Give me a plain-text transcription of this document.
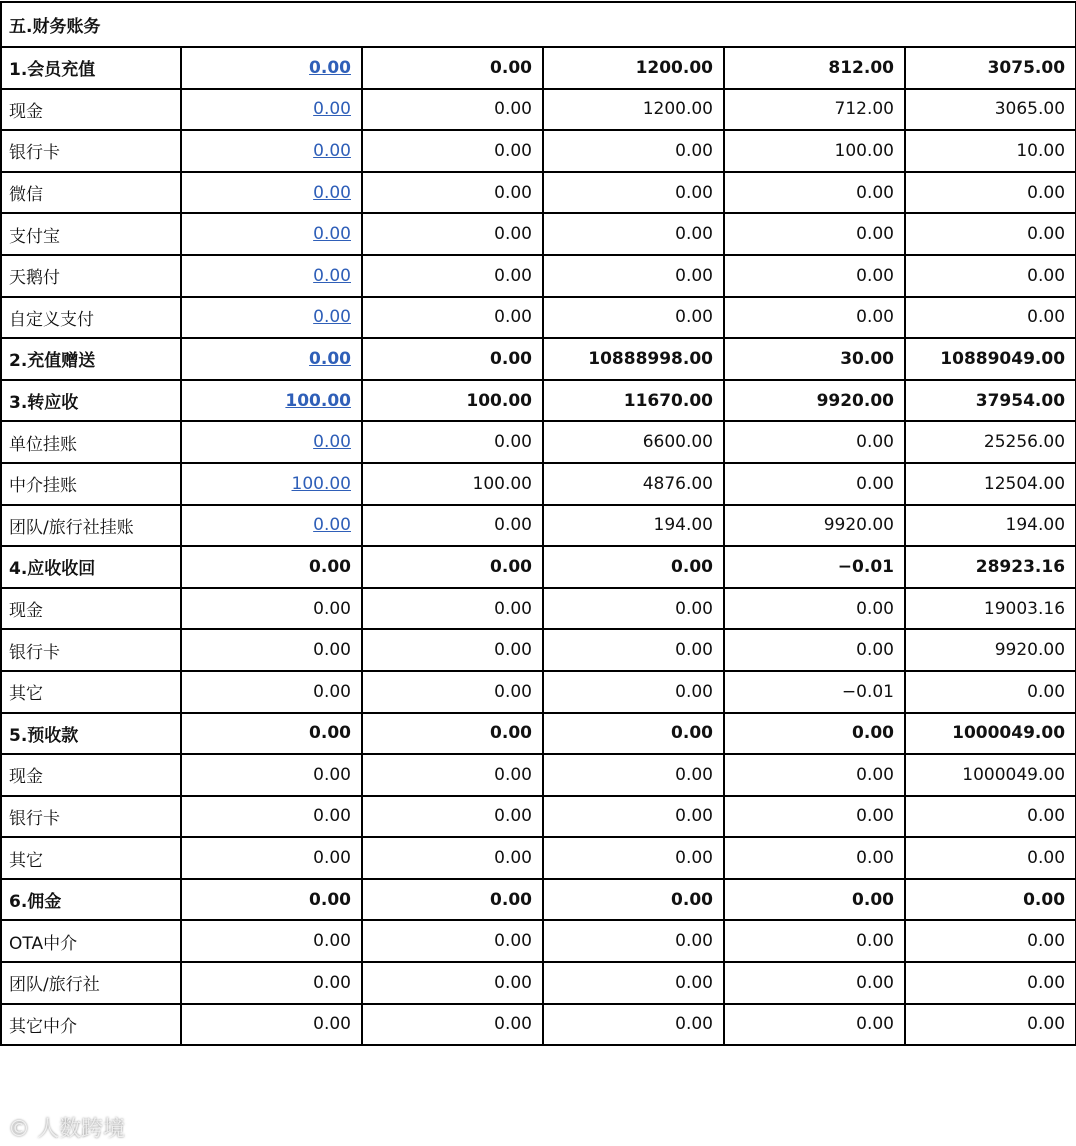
五.财务账务					
1.会员充值	0.00	0.00	1200.00	812.00	3075.00
现金	0.00	0.00	1200.00	712.00	3065.00
银行卡	0.00	0.00	0.00	100.00	10.00
微信	0.00	0.00	0.00	0.00	0.00
支付宝	0.00	0.00	0.00	0.00	0.00
天鹅付	0.00	0.00	0.00	0.00	0.00
自定义支付	0.00	0.00	0.00	0.00	0.00
2.充值赠送	0.00	0.00	10888998.00	30.00	10889049.00
3.转应收	100.00	100.00	11670.00	9920.00	37954.00
单位挂账	0.00	0.00	6600.00	0.00	25256.00
中介挂账	100.00	100.00	4876.00	0.00	12504.00
团队/旅行社挂账	0.00	0.00	194.00	9920.00	194.00
4.应收收回	0.00	0.00	0.00	−0.01	28923.16
现金	0.00	0.00	0.00	0.00	19003.16
银行卡	0.00	0.00	0.00	0.00	9920.00
其它	0.00	0.00	0.00	−0.01	0.00
5.预收款	0.00	0.00	0.00	0.00	1000049.00
现金	0.00	0.00	0.00	0.00	1000049.00
银行卡	0.00	0.00	0.00	0.00	0.00
其它	0.00	0.00	0.00	0.00	0.00
6.佣金	0.00	0.00	0.00	0.00	0.00
OTA中介	0.00	0.00	0.00	0.00	0.00
团队/旅行社	0.00	0.00	0.00	0.00	0.00
其它中介	0.00	0.00	0.00	0.00	0.00
© 人数跨境
